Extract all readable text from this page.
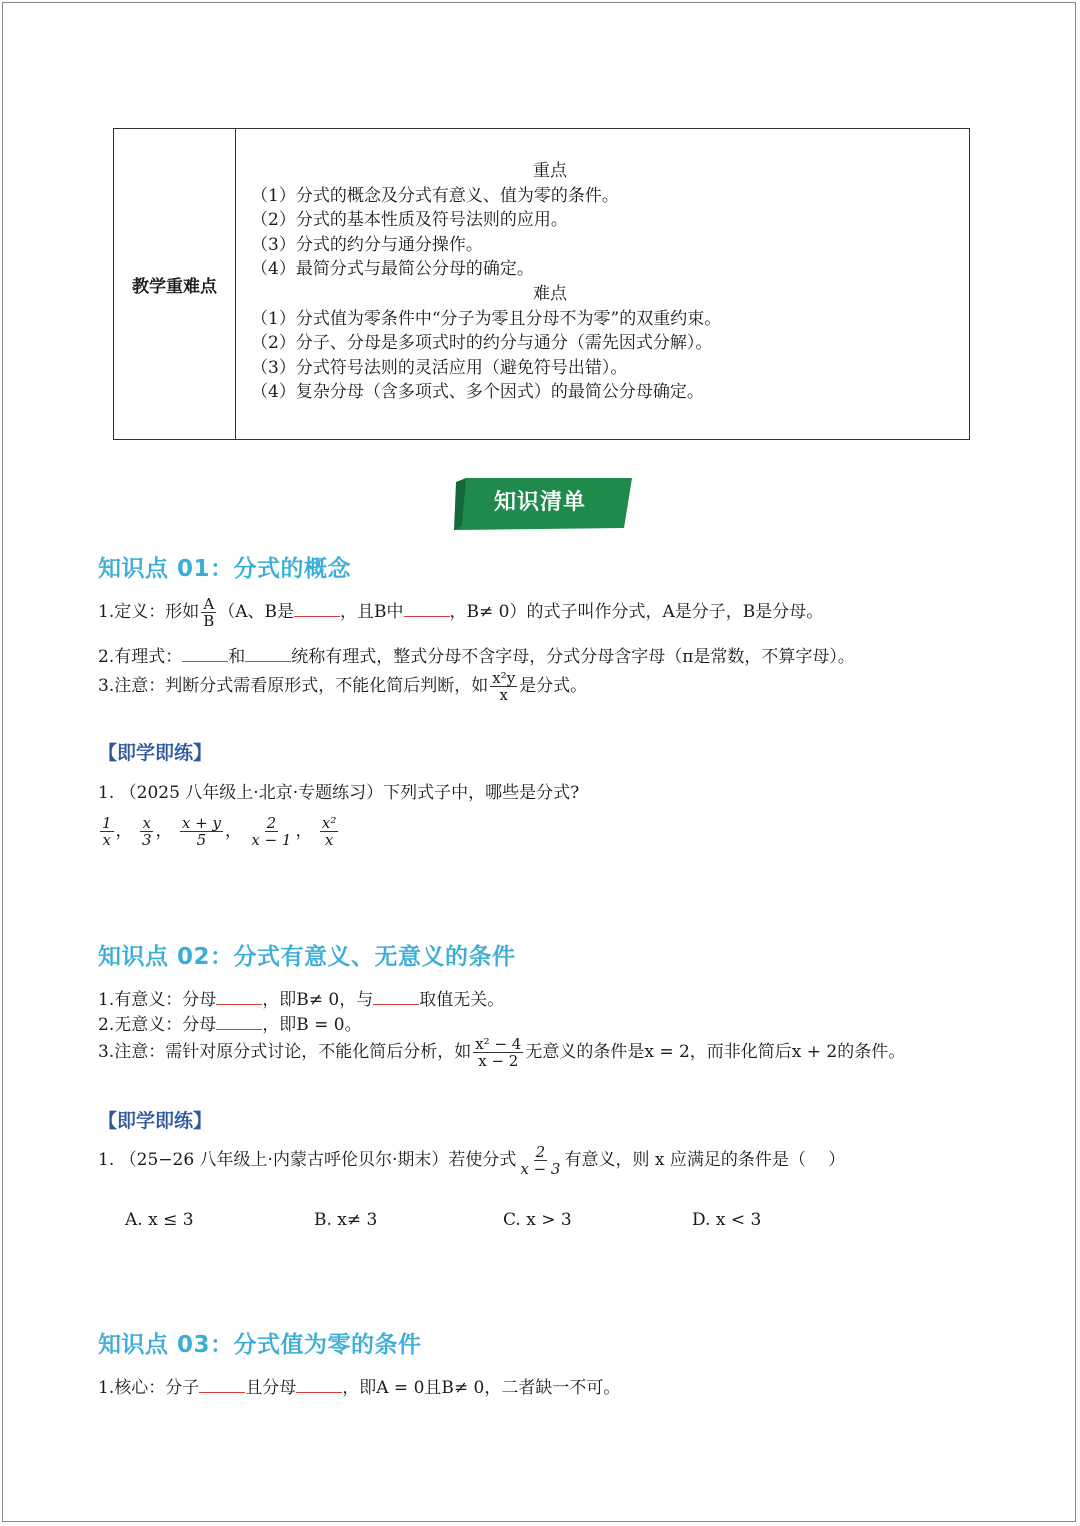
教学重难点
重点
（1）分式的概念及分式有意义、值为零的条件。
（2）分式的基本性质及符号法则的应用。
（3）分式的约分与通分操作。
（4）最简分式与最简公分母的确定。
难点
（1）分式值为零条件中“分子为零且分母不为零”的双重约束。
（2）分子、分母是多项式时的约分与通分（需先因式分解）。
（3）分式符号法则的灵活应用（避免符号出错）。
（4）复杂分母（含多项式、多个因式）的最简公分母确定。
知识清单
知识点 01：分式的概念
1.定义：形如 $\frac{A}{B} (A$、B是	，且B中	，B≠ 0）的式子叫作分式，A是分子，B是分母。
2.有理式：	和	统称有理式，整式分母不含字母，分式分母含字母（π是常数，不算字母）。
3.注意：判断分式需看原形式，不能化简后判断，如 $\frac{\text{x²y}}{x}$ 是分式。
【即学即练】
1. （2025 八年级上·北京·专题练习）下列式子中，哪些是分式?
$\frac{1}{x}$ ， $\frac{x}{3}$ ， $\frac{x + y}{5}$ ， $\frac{2}{x - 1}$ ， $\frac{\text{x²}}{x}$
知识点 02：分式有意义、无意义的条件
1.有意义：分母	，即B≠ 0，与	取值无关。
2.无意义：分母	，即B = 0。
3.注意：需针对原分式讨论，不能化简后分析，如 $\frac{\text{x² − 4}}{x - 2}$ 无意义的条件是x = 2，而非化简后x + 2的条件。
【即学即练】
1. （25−26 八年级上·内蒙古呼伦贝尔·期末）若使分式 $\frac{2}{x - 3}$ 有意义，则 x 应满足的条件是（　 ）
A. x ≤ 3	B. x≠ 3	C. x > 3	D. x < 3
知识点 03：分式值为零的条件
1.核心：分子	且分母	，即A = 0且B≠ 0，二者缺一不可。
